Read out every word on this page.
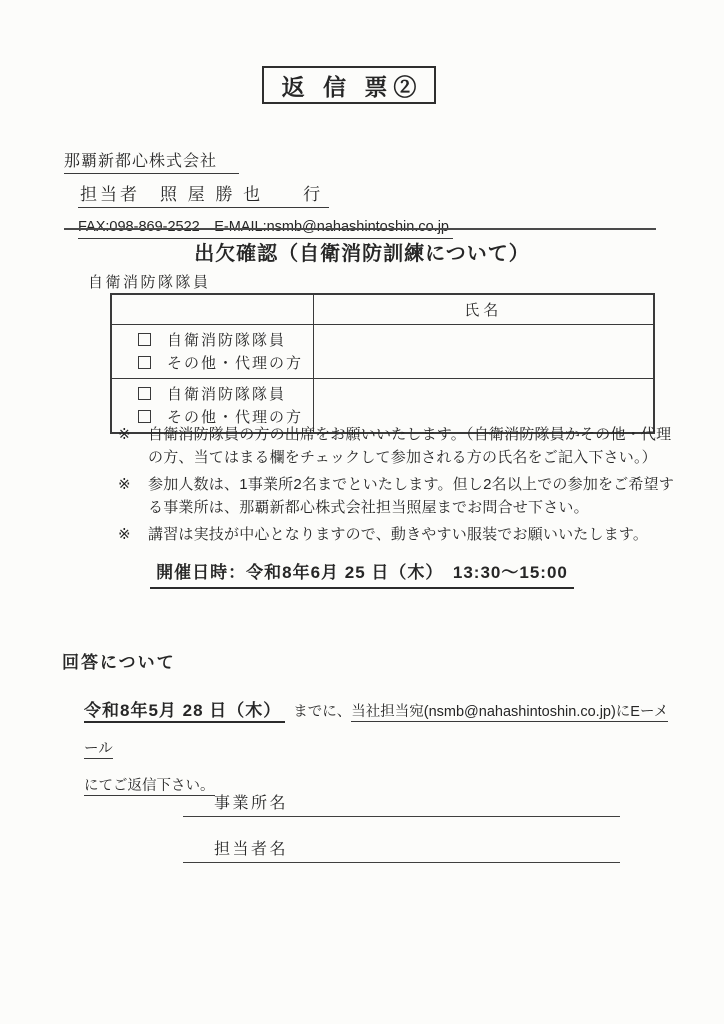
返 信 票②
那覇新都心株式会社
担当者　照 屋 勝 也　　行
FAX:098-869-2522　E-MAIL:nsmb@nahashintoshin.co.jp
出欠確認（自衛消防訓練について）
自衛消防隊隊員
	氏名

自衛消防隊隊員
その他・代理の方	

自衛消防隊隊員
その他・代理の方	

※	自衛消防隊員の方の出席をお願いいたします。（自衛消防隊員かその他・代理の方、当てはまる欄をチェックして参加される方の氏名をご記入下さい。）
※	参加人数は、1事業所2名までといたします。但し2名以上での参加をご希望する事業所は、那覇新都心株式会社担当照屋までお問合せ下さい。
※	講習は実技が中心となりますので、動きやすい服装でお願いいたします。
開催日時：令和8年6月 25 日（木）　13:30～15:00
回答について
令和8年5月 28 日（木） までに、当社担当宛(nsmb@nahashintoshin.co.jp)にEーメール
にてご返信下さい。
事業所名
担当者名
